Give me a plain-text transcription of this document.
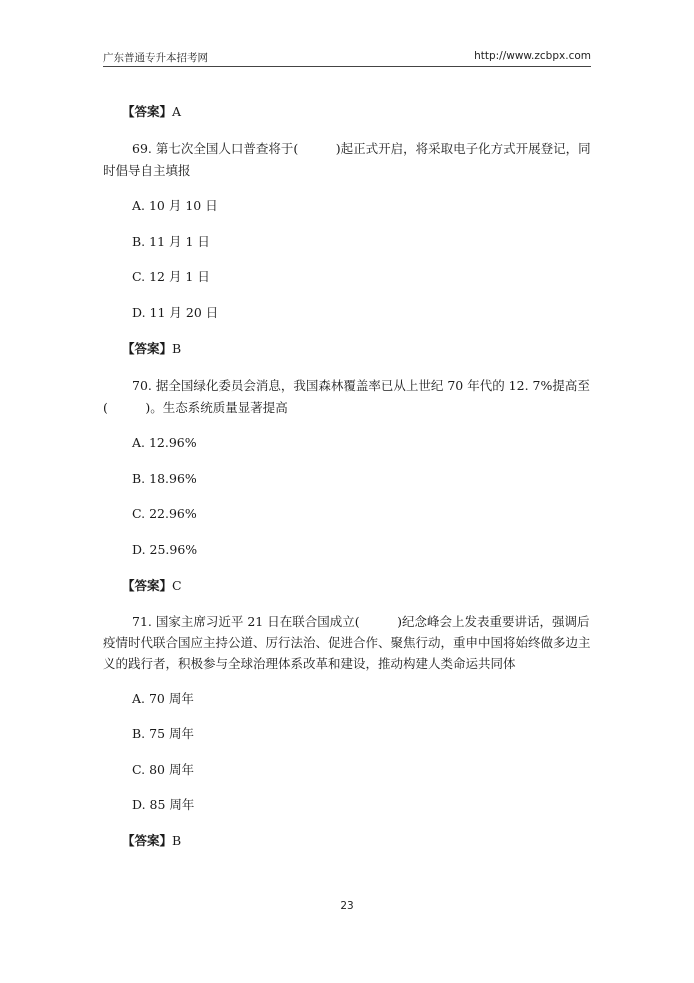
广东普通专升本招考网	http://www.zcbpx.com
【答案】A
69. 第七次全国人口普查将于(　　　)起正式开启，将采取电子化方式开展登记，同
时倡导自主填报
A. 10 月 10 日
B. 11 月 1 日
C. 12 月 1 日
D. 11 月 20 日
【答案】B
70. 据全国绿化委员会消息，我国森林覆盖率已从上世纪 70 年代的 12. 7%提高至
(　　　)。生态系统质量显著提高
A. 12.96%
B. 18.96%
C. 22.96%
D. 25.96%
【答案】C
71. 国家主席习近平 21 日在联合国成立(　　　)纪念峰会上发表重要讲话，强调后
疫情时代联合国应主持公道、厉行法治、促进合作、聚焦行动，重申中国将始终做多边主
义的践行者，积极参与全球治理体系改革和建设，推动构建人类命运共同体
A. 70 周年
B. 75 周年
C. 80 周年
D. 85 周年
【答案】B
23
